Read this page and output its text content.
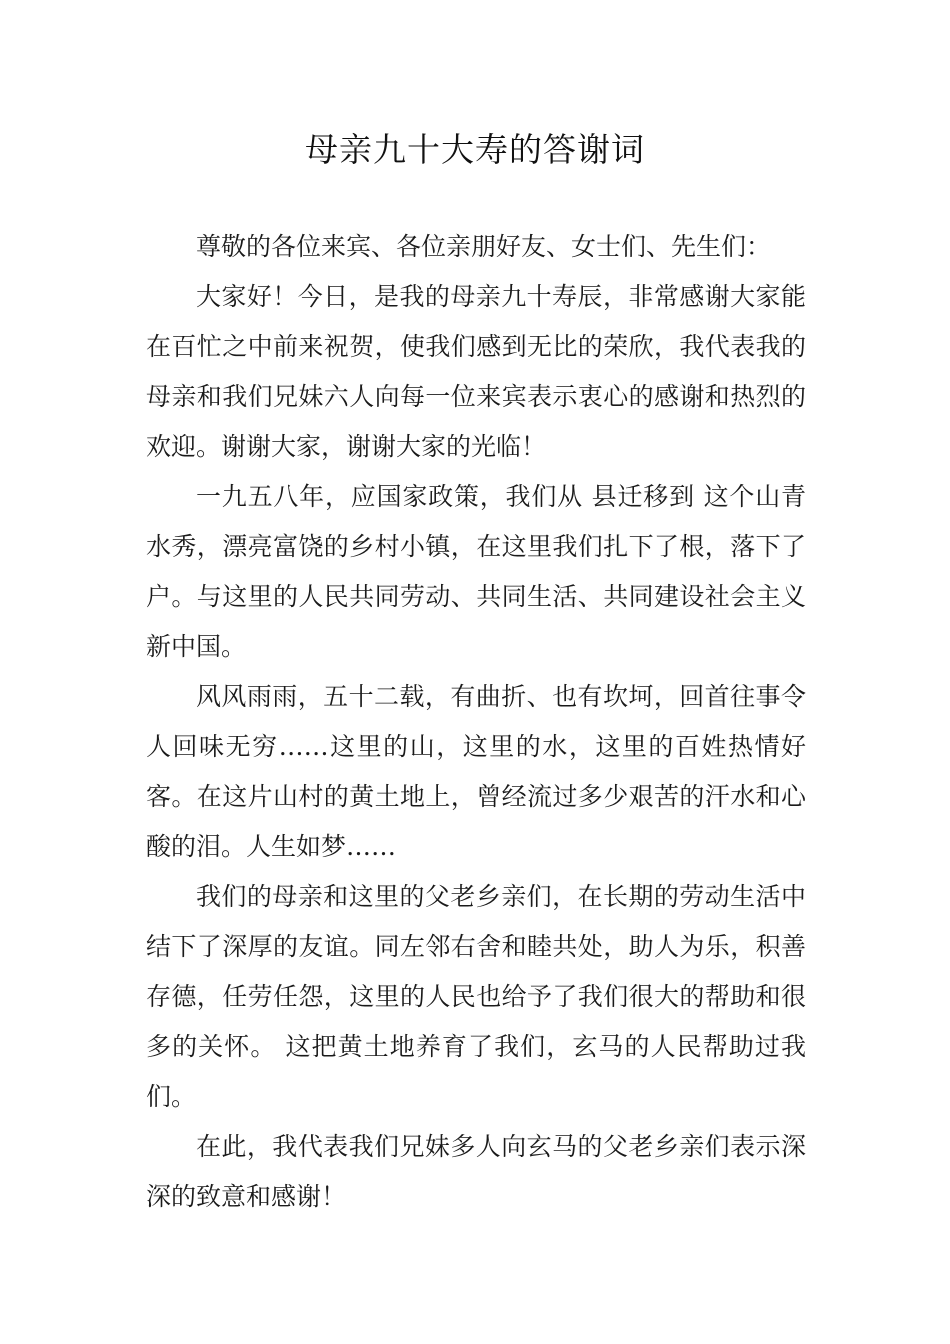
母亲九十大寿的答谢词

尊敬的各位来宾、各位亲朋好友、女士们、先生们：

大家好！今日，是我的母亲九十寿辰，非常感谢大家能在百忙之中前来祝贺，使我们感到无比的荣欣，我代表我的母亲和我们兄妹六人向每一位来宾表示衷心的感谢和热烈的欢迎。谢谢大家，谢谢大家的光临！

一九五八年，应国家政策，我们从 县迁移到 这个山青水秀，漂亮富饶的乡村小镇，在这里我们扎下了根，落下了户。与这里的人民共同劳动、共同生活、共同建设社会主义新中国。

风风雨雨，五十二载，有曲折、也有坎坷，回首往事令人回味无穷……这里的山，这里的水，这里的百姓热情好客。在这片山村的黄土地上，曾经流过多少艰苦的汗水和心酸的泪。人生如梦……

我们的母亲和这里的父老乡亲们，在长期的劳动生活中结下了深厚的友谊。同左邻右舍和睦共处，助人为乐，积善存德，任劳任怨，这里的人民也给予了我们很大的帮助和很多的关怀。 这把黄土地养育了我们，玄马的人民帮助过我们。

在此，我代表我们兄妹多人向玄马的父老乡亲们表示深深的致意和感谢！
